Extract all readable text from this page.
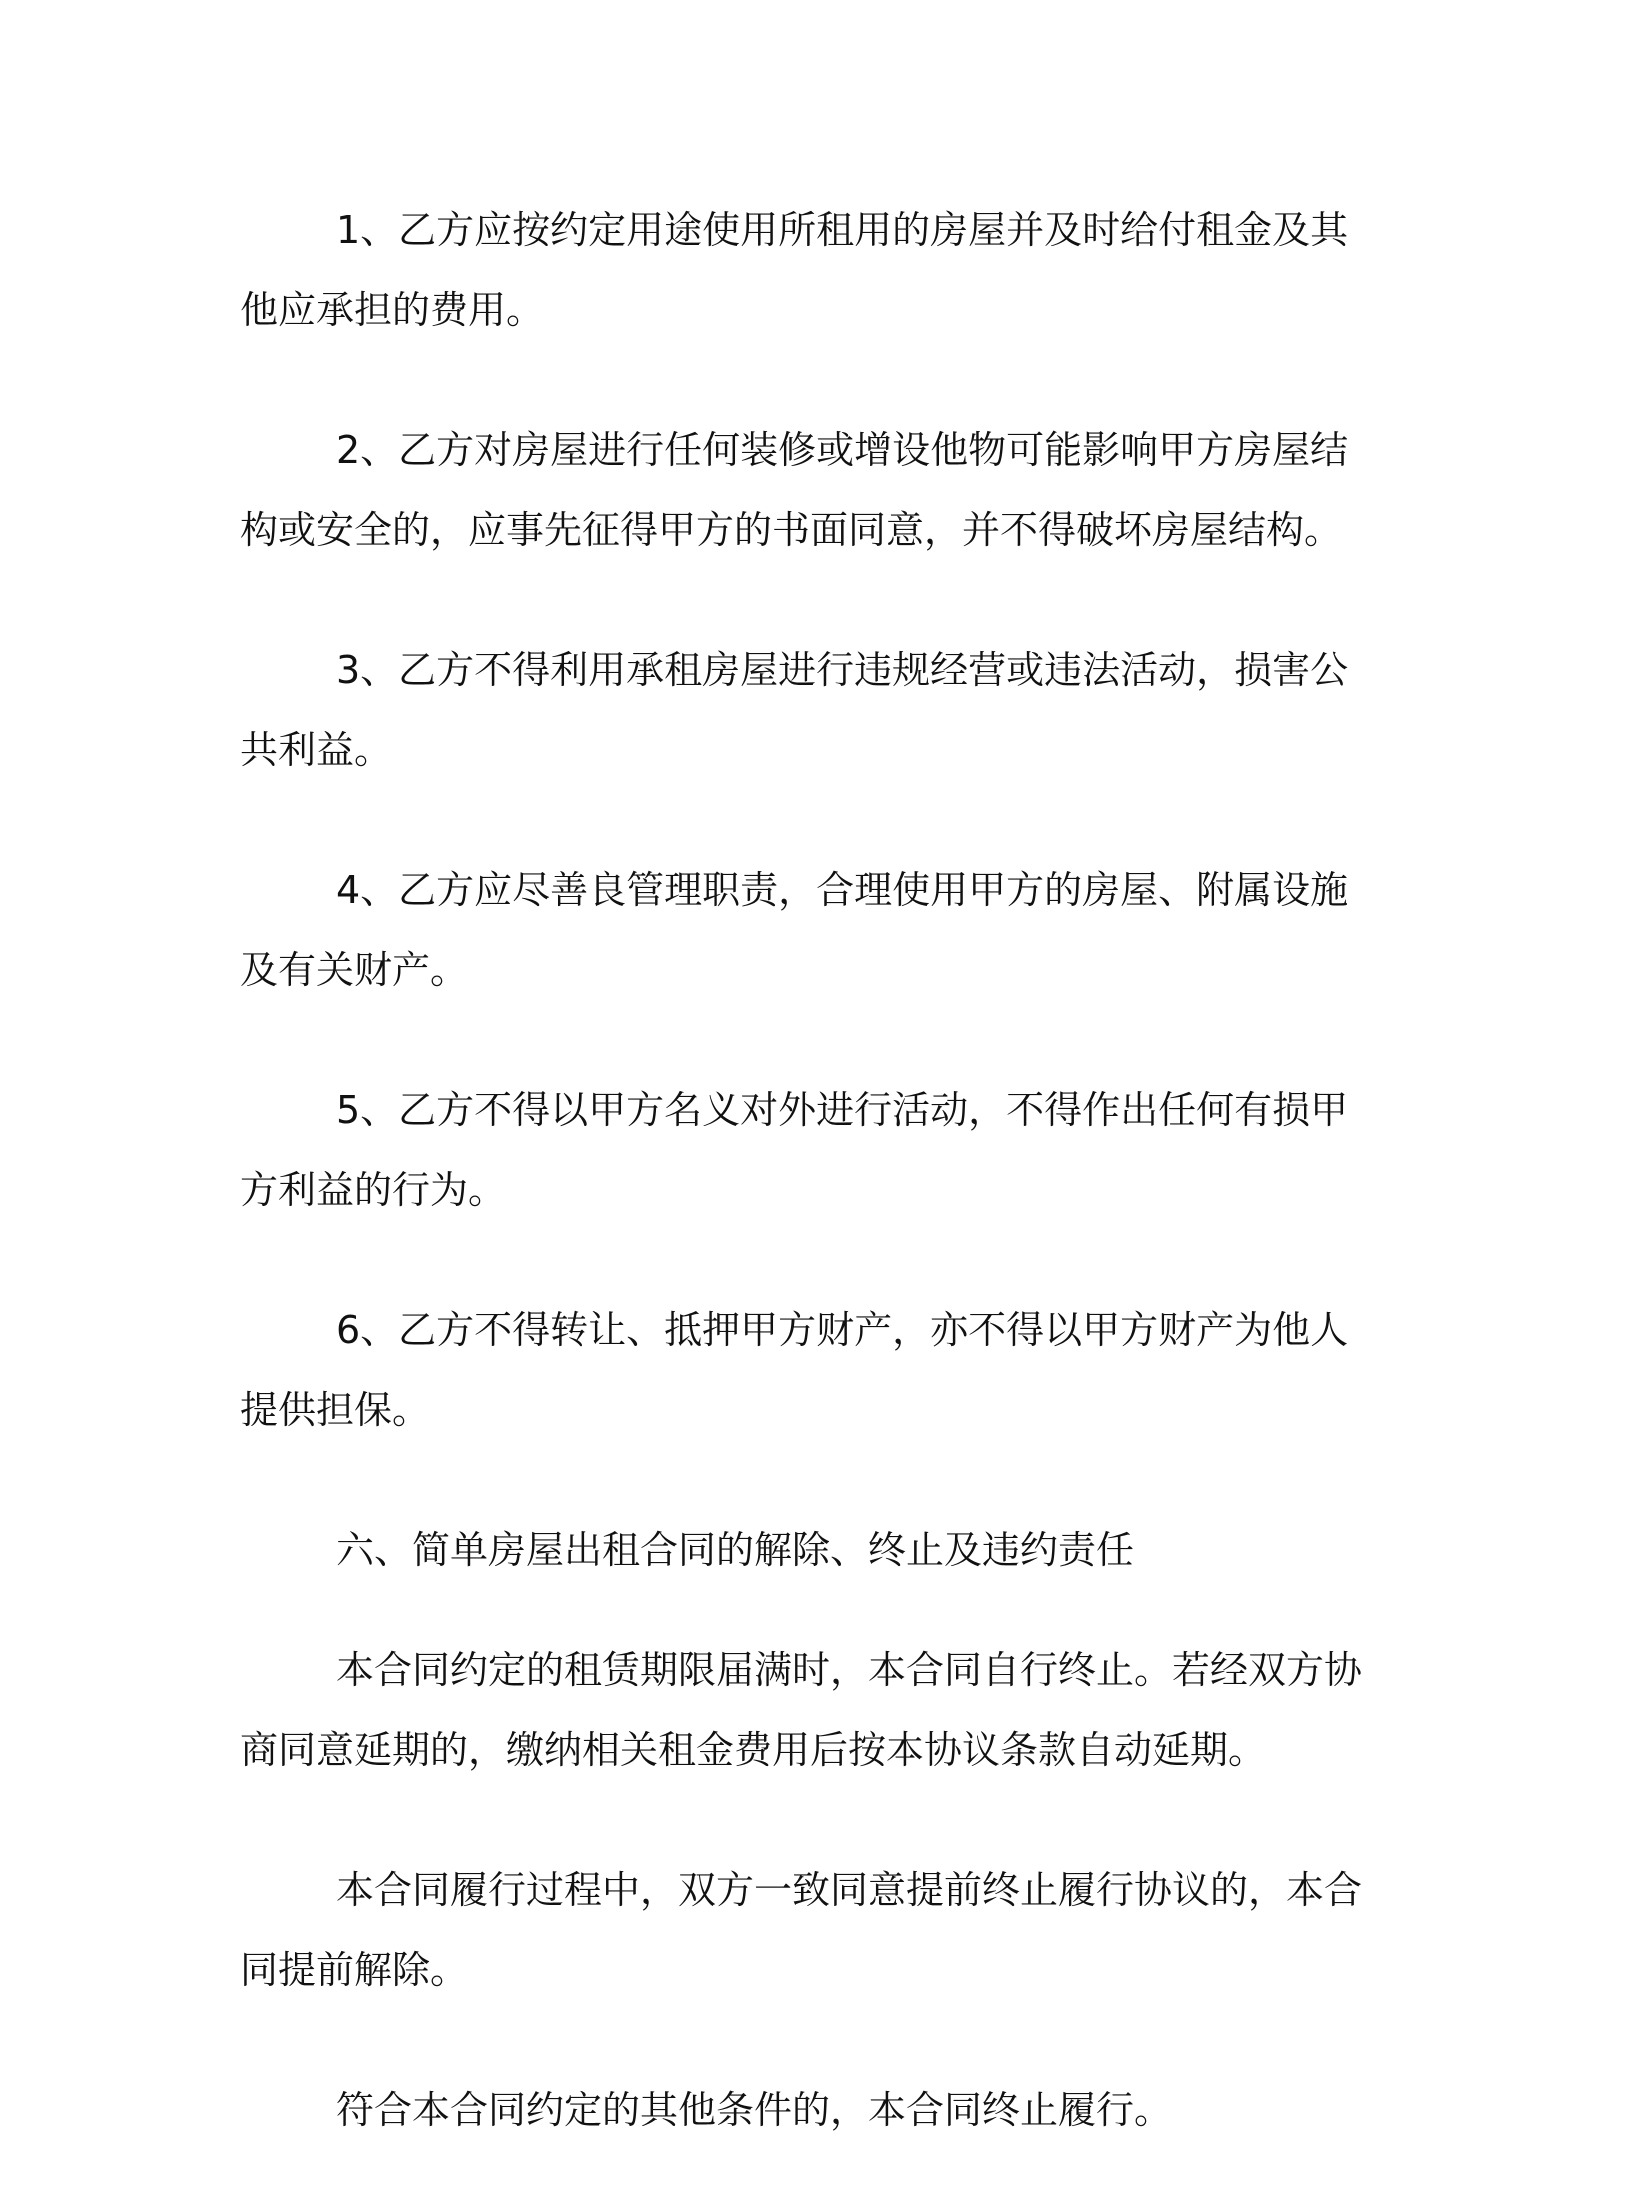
1、乙方应按约定用途使用所租用的房屋并及时给付租金及其他应承担的费用。

2、乙方对房屋进行任何装修或增设他物可能影响甲方房屋结构或安全的，应事先征得甲方的书面同意，并不得破坏房屋结构。

3、乙方不得利用承租房屋进行违规经营或违法活动，损害公共利益。

4、乙方应尽善良管理职责，合理使用甲方的房屋、附属设施及有关财产。

5、乙方不得以甲方名义对外进行活动，不得作出任何有损甲方利益的行为。

6、乙方不得转让、抵押甲方财产，亦不得以甲方财产为他人提供担保。

六、简单房屋出租合同的解除、终止及违约责任

本合同约定的租赁期限届满时，本合同自行终止。若经双方协商同意延期的，缴纳相关租金费用后按本协议条款自动延期。

本合同履行过程中，双方一致同意提前终止履行协议的，本合同提前解除。

符合本合同约定的其他条件的，本合同终止履行。
